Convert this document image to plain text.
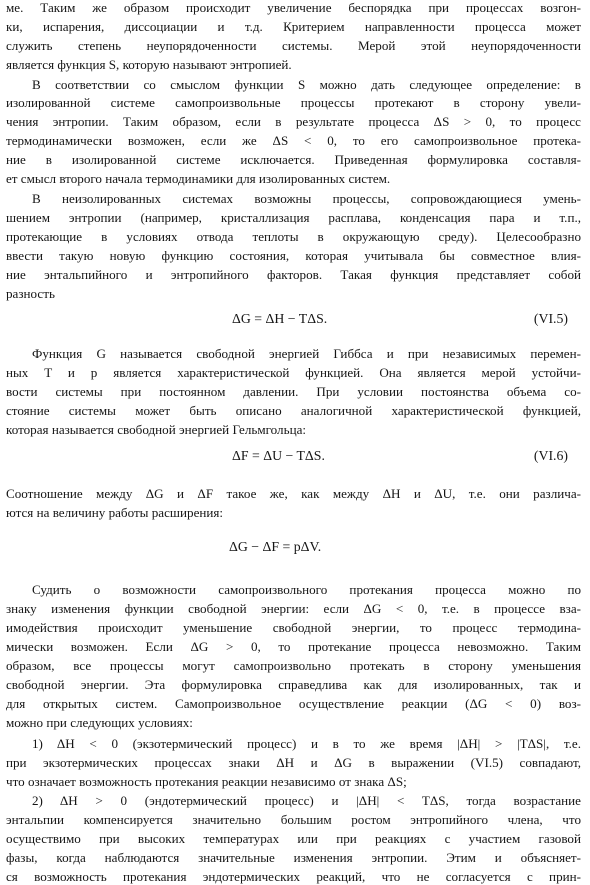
ме. Таким же образом происходит увеличение беспорядка при процессах возгон-
ки, испарения, диссоциации и т.д. Критерием направленности процесса может
служить степень неупорядоченности системы. Мерой этой неупорядоченности
является функция S, которую называют энтропией.
В соответствии со смыслом функции S можно дать следующее определение: в
изолированной системе самопроизвольные процессы протекают в сторону увели-
чения энтропии. Таким образом, если в результате процесса ΔS > 0, то процесс
термодинамически возможен, если же ΔS < 0, то его самопроизвольное протека-
ние в изолированной системе исключается. Приведенная формулировка составля-
ет смысл второго начала термодинамики для изолированных систем.
В неизолированных системах возможны процессы, сопровождающиеся умень-
шением энтропии (например, кристаллизация расплава, конденсация пара и т.п.,
протекающие в условиях отвода теплоты в окружающую среду). Целесообразно
ввести такую новую функцию состояния, которая учитывала бы совместное влия-
ние энтальпийного и энтропийного факторов. Такая функция представляет собой
разность
ΔG = ΔH − TΔS.	(VI.5)
Функция G называется свободной энергией Гиббса и при независимых перемен-
ных T и p является характеристической функцией. Она является мерой устойчи-
вости системы при постоянном давлении. При условии постоянства объема со-
стояние системы может быть описано аналогичной характеристической функцией,
которая называется свободной энергией Гельмгольца:
ΔF = ΔU − TΔS.	(VI.6)
Соотношение между ΔG и ΔF такое же, как между ΔH и ΔU, т.е. они различа-
ются на величину работы расширения:
ΔG − ΔF = pΔV.
Судить о возможности самопроизвольного протекания процесса можно по
знаку изменения функции свободной энергии: если ΔG < 0, т.е. в процессе вза-
имодействия происходит уменьшение свободной энергии, то процесс термодина-
мически возможен. Если ΔG > 0, то протекание процесса невозможно. Таким
образом, все процессы могут самопроизвольно протекать в сторону уменьшения
свободной энергии. Эта формулировка справедлива как для изолированных, так и
для открытых систем. Самопроизвольное осуществление реакции (ΔG < 0) воз-
можно при следующих условиях:
1) ΔH < 0 (экзотермический процесс) и в то же время |ΔH| > |TΔS|, т.е.
при экзотермических процессах знаки ΔH и ΔG в выражении (VI.5) совпадают,
что означает возможность протекания реакции независимо от знака ΔS;
2) ΔH > 0 (эндотермический процесс) и |ΔH| < TΔS, тогда возрастание
энтальпии компенсируется значительно большим ростом энтропийного члена, что
осуществимо при высоких температурах или при реакциях с участием газовой
фазы, когда наблюдаются значительные изменения энтропии. Этим и объясняет-
ся возможность протекания эндотермических реакций, что не согласуется с прин-
